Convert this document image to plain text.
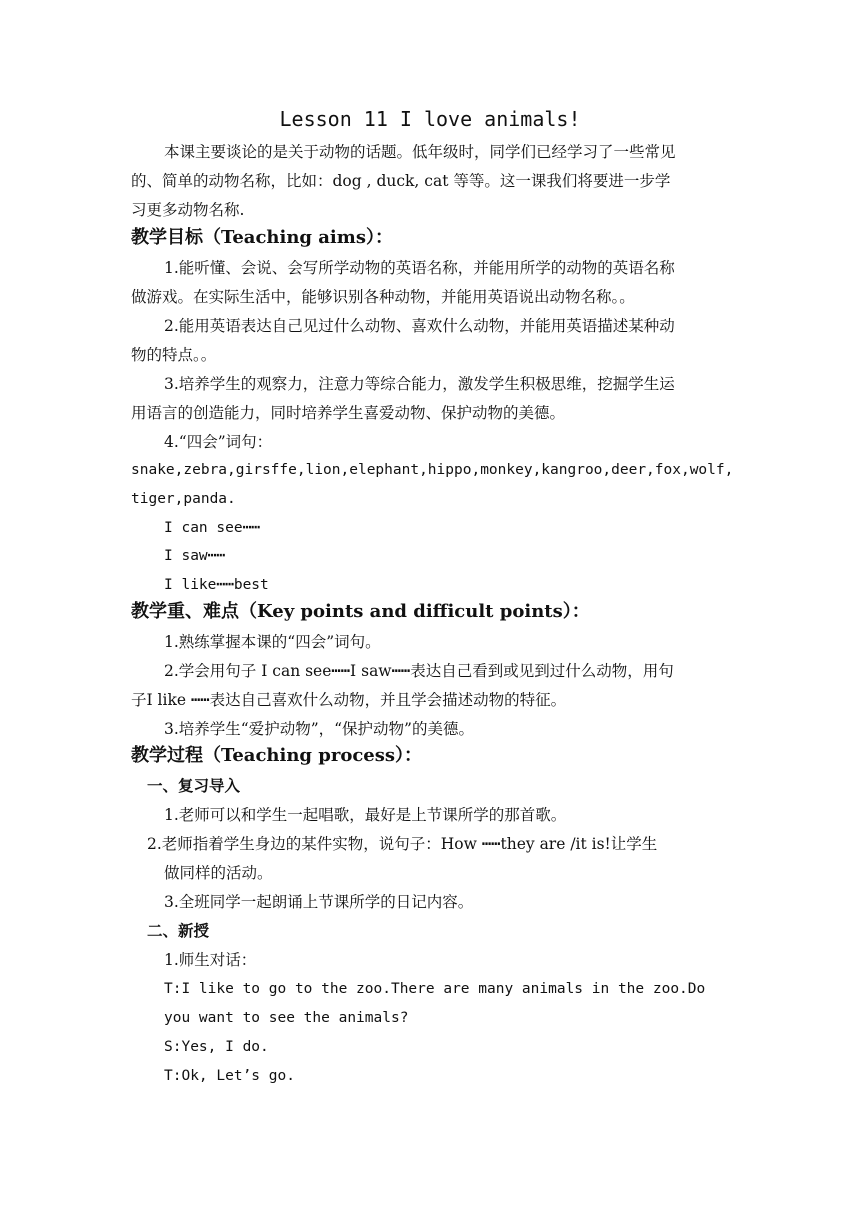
Lesson 11 I love animals!
本课主要谈论的是关于动物的话题。低年级时，同学们已经学习了一些常见
的、简单的动物名称，比如：dog , duck, cat 等等。这一课我们将要进一步学
习更多动物名称.
教学目标（Teaching aims）：
1.能听懂、会说、会写所学动物的英语名称，并能用所学的动物的英语名称
做游戏。在实际生活中，能够识别各种动物，并能用英语说出动物名称。。
2.能用英语表达自己见过什么动物、喜欢什么动物，并能用英语描述某种动
物的特点。。
3.培养学生的观察力，注意力等综合能力，激发学生积极思维，挖掘学生运
用语言的创造能力，同时培养学生喜爱动物、保护动物的美德。
4.“四会”词句：
snake,zebra,girsffe,lion,elephant,hippo,monkey,kangroo,deer,fox,wolf,
tiger,panda.
I can see┅┅
I saw┅┅
I like┅┅best
教学重、难点（Key points and difficult points）：
1.熟练掌握本课的“四会”词句。
2.学会用句子 I can see┅┅I saw┅┅表达自己看到或见到过什么动物，用句
子I like ┅┅表达自己喜欢什么动物，并且学会描述动物的特征。
3.培养学生“爱护动物”，“保护动物”的美德。
教学过程（Teaching process）：
一、复习导入
1.老师可以和学生一起唱歌，最好是上节课所学的那首歌。
2.老师指着学生身边的某件实物，说句子：How ┅┅they are /it is!让学生
做同样的活动。
3.全班同学一起朗诵上节课所学的日记内容。
二、新授
1.师生对话：
T:I like to go to the zoo.There are many animals in the zoo.Do
you want to see the animals?
S:Yes, I do.
T:Ok, Let’s go.
